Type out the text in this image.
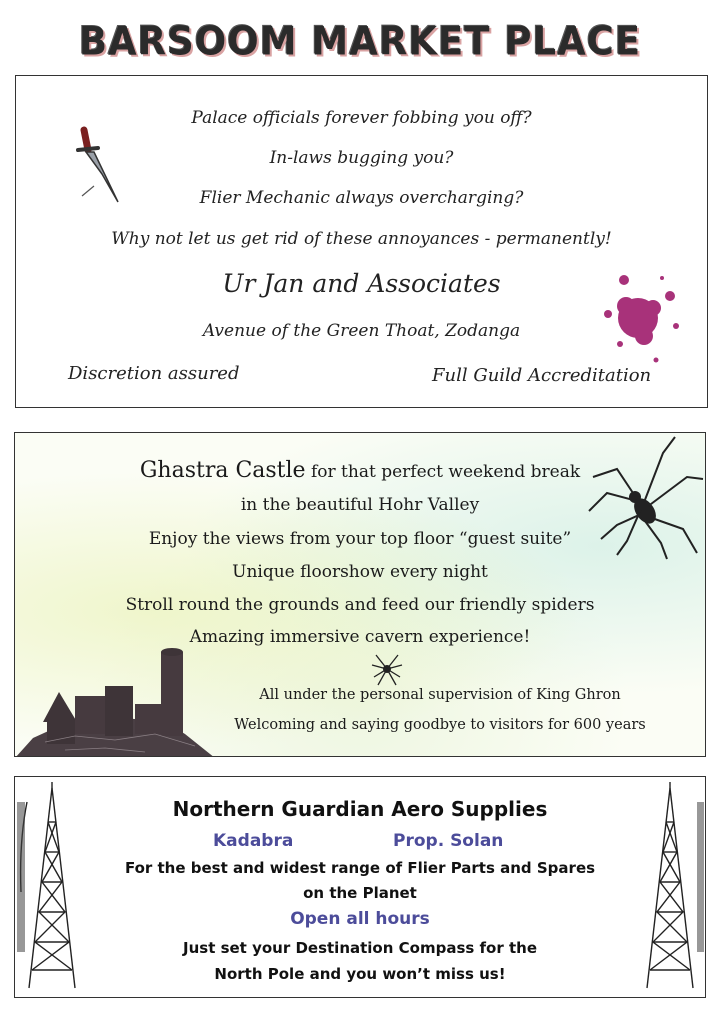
BARSOOM MARKET PLACE
Palace officials forever fobbing you off?
In-laws bugging you?
Flier Mechanic always overcharging?
Why not let us get rid of these annoyances - permanently!
Ur Jan and Associates
Avenue of the Green Thoat, Zodanga
Discretion assured	Full Guild Accreditation
Ghastra Castle for that perfect weekend break
in the beautiful Hohr Valley
Enjoy the views from your top floor “guest suite”
Unique floorshow every night
Stroll round the grounds and feed our friendly spiders
Amazing immersive cavern experience!
All under the personal supervision of King Ghron
Welcoming and saying goodbye to visitors for 600 years
Northern Guardian Aero Supplies
Kadabra	Prop. Solan
For the best and widest range of Flier Parts and Spares
on the Planet
Open all hours
Just set your Destination Compass for the
North Pole and you won’t miss us!
